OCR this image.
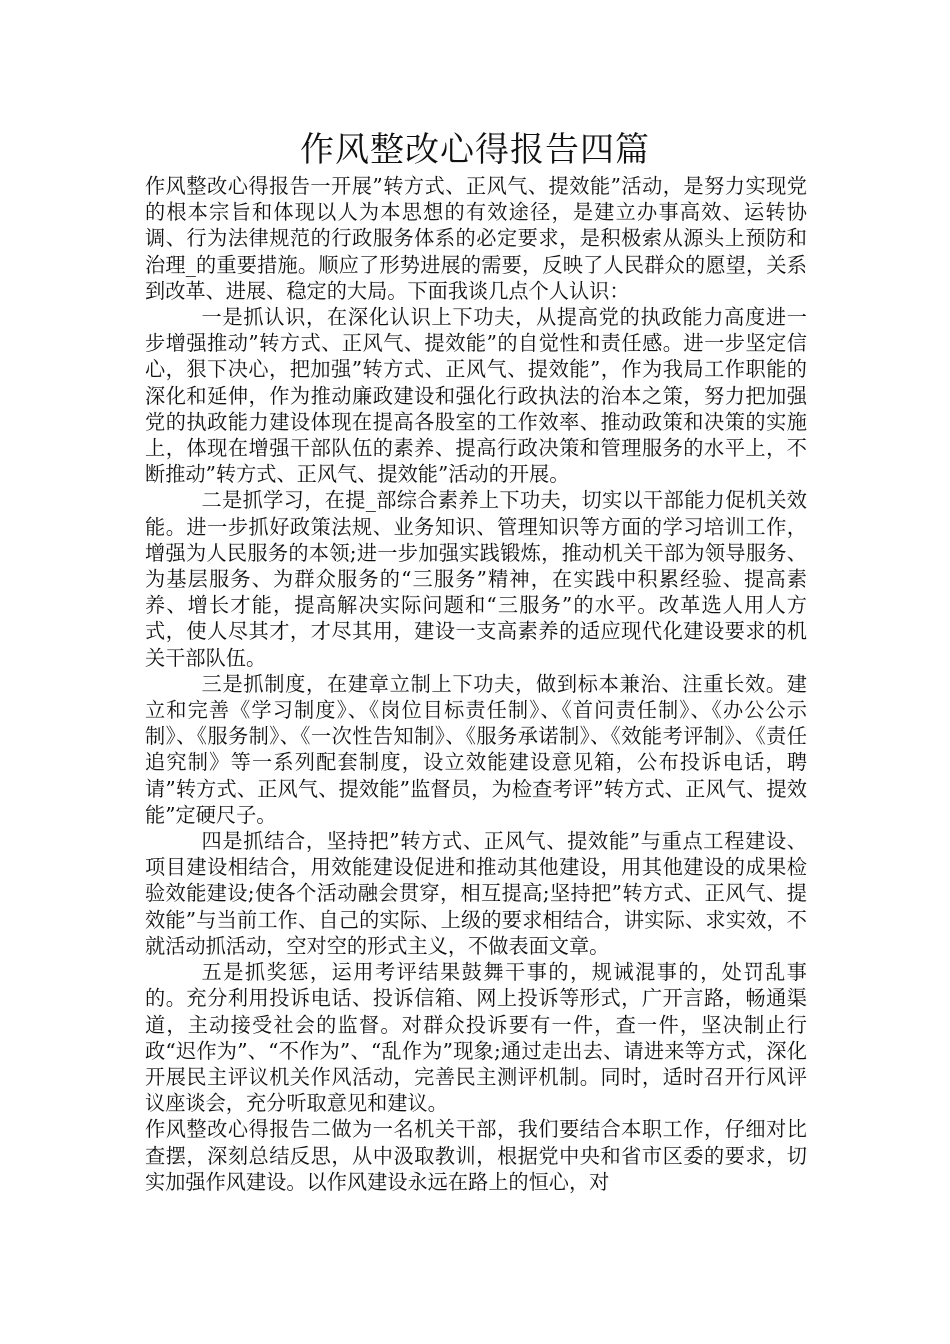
作风整改心得报告四篇

作风整改心得报告一开展”转方式、正风气、提效能”活动，是努力实现党的根本宗旨和体现以人为本思想的有效途径，是建立办事高效、运转协调、行为法律规范的行政服务体系的必定要求，是积极索从源头上预防和治理_的重要措施。顺应了形势进展的需要，反映了人民群众的愿望，关系到改革、进展、稳定的大局。下面我谈几点个人认识：

一是抓认识，在深化认识上下功夫，从提高党的执政能力高度进一步增强推动”转方式、正风气、提效能”的自觉性和责任感。进一步坚定信心，狠下决心，把加强”转方式、正风气、提效能”，作为我局工作职能的深化和延伸，作为推动廉政建设和强化行政执法的治本之策，努力把加强党的执政能力建设体现在提高各股室的工作效率、推动政策和决策的实施上，体现在增强干部队伍的素养、提高行政决策和管理服务的水平上，不断推动”转方式、正风气、提效能”活动的开展。

二是抓学习，在提_部综合素养上下功夫，切实以干部能力促机关效能。进一步抓好政策法规、业务知识、管理知识等方面的学习培训工作，增强为人民服务的本领;进一步加强实践锻炼，推动机关干部为领导服务、为基层服务、为群众服务的“三服务”精神，在实践中积累经验、提高素养、增长才能，提高解决实际问题和“三服务”的水平。改革选人用人方式，使人尽其才，才尽其用，建设一支高素养的适应现代化建设要求的机关干部队伍。

三是抓制度，在建章立制上下功夫，做到标本兼治、注重长效。建立和完善《学习制度》、《岗位目标责任制》、《首问责任制》、《办公公示制》、《服务制》、《一次性告知制》、《服务承诺制》、《效能考评制》、《责任追究制》等一系列配套制度，设立效能建设意见箱，公布投诉电话，聘请”转方式、正风气、提效能”监督员，为检查考评”转方式、正风气、提效能”定硬尺子。

四是抓结合，坚持把”转方式、正风气、提效能”与重点工程建设、项目建设相结合，用效能建设促进和推动其他建设，用其他建设的成果检验效能建设;使各个活动融会贯穿，相互提高;坚持把”转方式、正风气、提效能”与当前工作、自己的实际、上级的要求相结合，讲实际、求实效，不就活动抓活动，空对空的形式主义，不做表面文章。

五是抓奖惩，运用考评结果鼓舞干事的，规诫混事的，处罚乱事的。充分利用投诉电话、投诉信箱、网上投诉等形式，广开言路，畅通渠道，主动接受社会的监督。对群众投诉要有一件，查一件，坚决制止行政“迟作为”、“不作为”、“乱作为”现象;通过走出去、请进来等方式，深化开展民主评议机关作风活动，完善民主测评机制。同时，适时召开行风评议座谈会，充分听取意见和建议。

作风整改心得报告二做为一名机关干部，我们要结合本职工作，仔细对比查摆，深刻总结反思，从中汲取教训，根据党中央和省市区委的要求，切实加强作风建设。以作风建设永远在路上的恒心，对
